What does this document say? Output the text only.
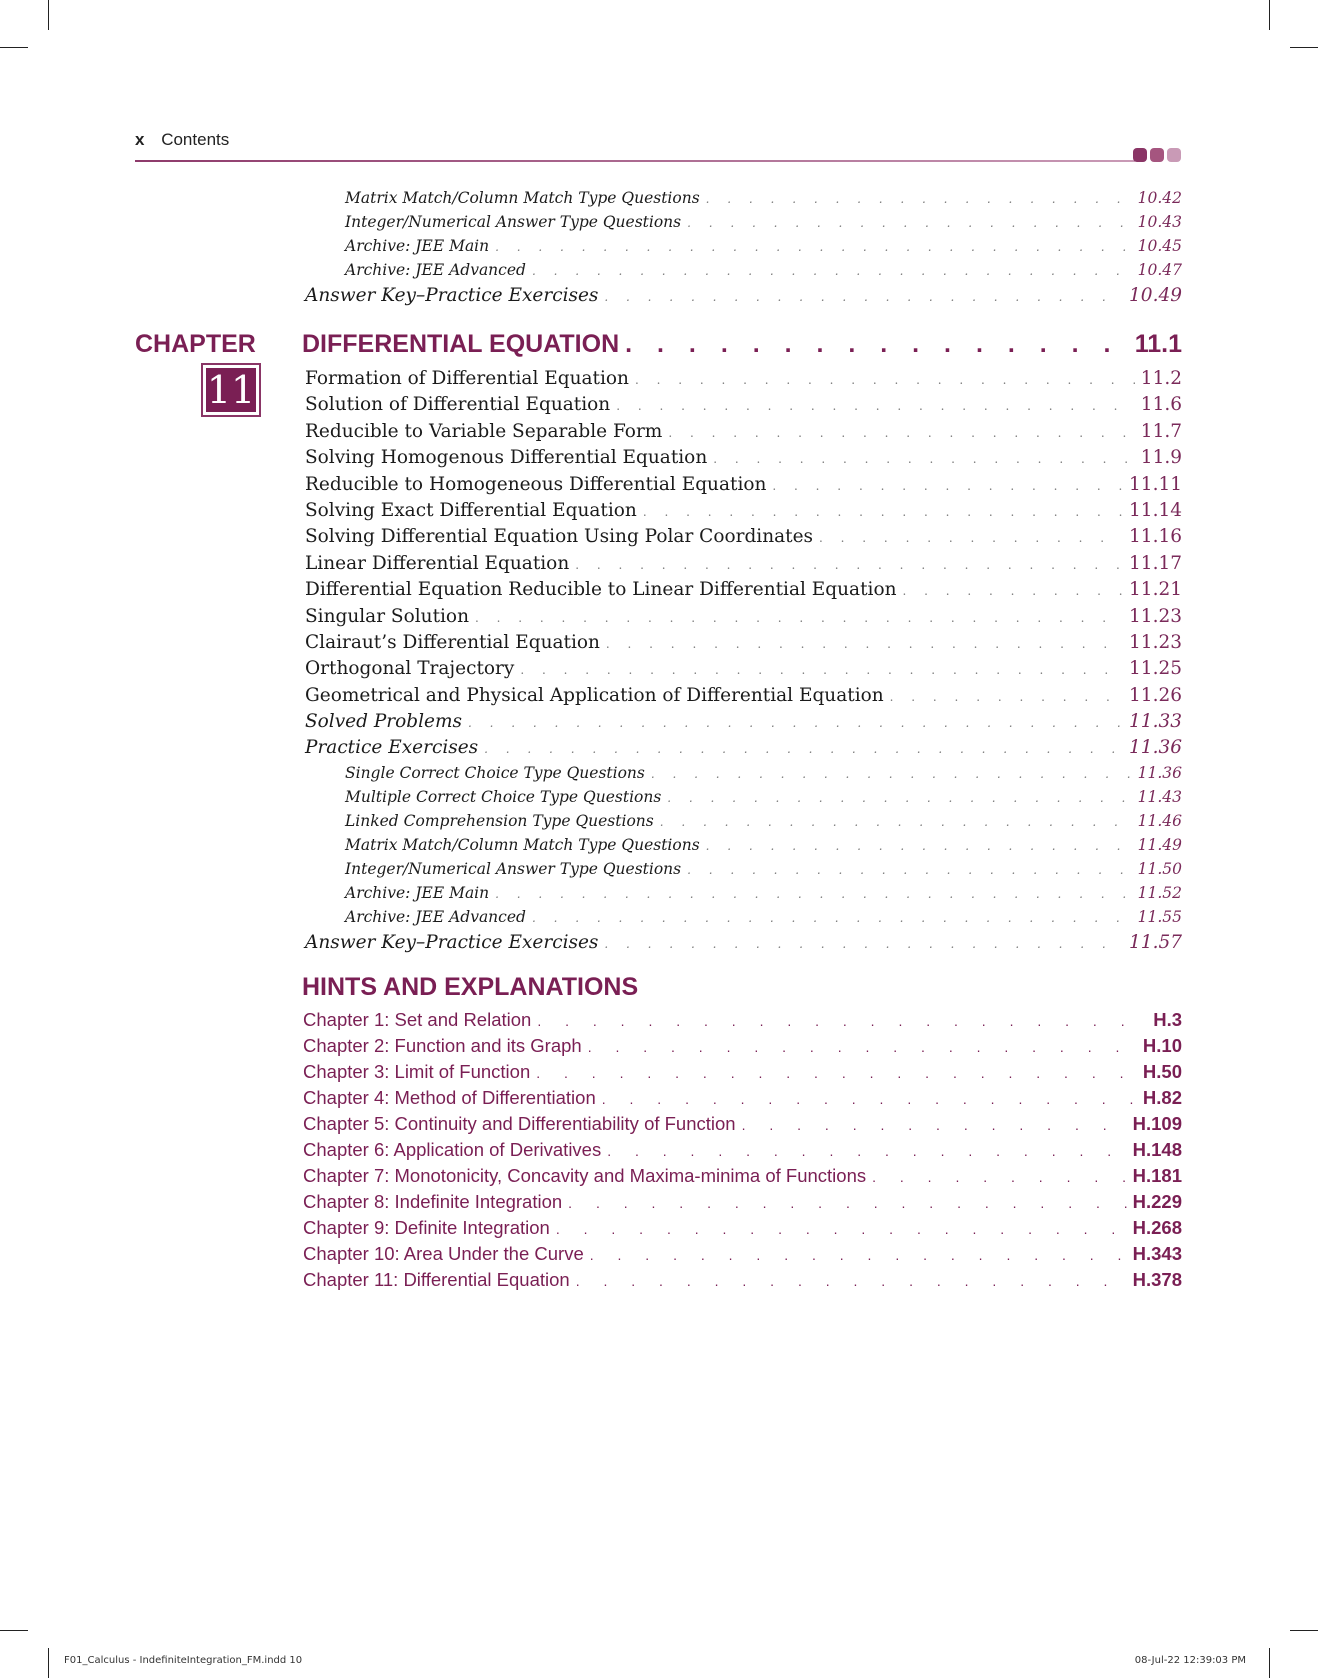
x Contents
Matrix Match/Column Match Type Questions . . .	10.42
Integer/Numerical Answer Type Questions . . .	10.43
Archive: JEE Main . . .	10.45
Archive: JEE Advanced . . .	10.47
Answer Key–Practice Exercises . . .	10.49
CHAPTER
11
DIFFERENTIAL EQUATION . . .	11.1
Formation of Differential Equation . . .	11.2
Solution of Differential Equation . . .	11.6
Reducible to Variable Separable Form . . .	11.7
Solving Homogenous Differential Equation . . .	11.9
Reducible to Homogeneous Differential Equation . . .	11.11
Solving Exact Differential Equation . . .	11.14
Solving Differential Equation Using Polar Coordinates . . .	11.16
Linear Differential Equation . . .	11.17
Differential Equation Reducible to Linear Differential Equation . . .	11.21
Singular Solution . . .	11.23
Clairaut’s Differential Equation . . .	11.23
Orthogonal Trajectory . . .	11.25
Geometrical and Physical Application of Differential Equation . . .	11.26
Solved Problems . . .	11.33
Practice Exercises . . .	11.36
Single Correct Choice Type Questions . . .	11.36
Multiple Correct Choice Type Questions . . .	11.43
Linked Comprehension Type Questions . . .	11.46
Matrix Match/Column Match Type Questions . . .	11.49
Integer/Numerical Answer Type Questions . . .	11.50
Archive: JEE Main . . .	11.52
Archive: JEE Advanced . . .	11.55
Answer Key–Practice Exercises . . .	11.57
HINTS AND EXPLANATIONS
Chapter 1: Set and Relation . . .	H.3
Chapter 2: Function and its Graph . . .	H.10
Chapter 3: Limit of Function . . .	H.50
Chapter 4: Method of Differentiation . . .	H.82
Chapter 5: Continuity and Differentiability of Function . . .	H.109
Chapter 6: Application of Derivatives . . .	H.148
Chapter 7: Monotonicity, Concavity and Maxima-minima of Functions . . .	H.181
Chapter 8: Indefinite Integration . . .	H.229
Chapter 9: Definite Integration . . .	H.268
Chapter 10: Area Under the Curve . . .	H.343
Chapter 11: Differential Equation . . .	H.378
F01_Calculus - IndefiniteIntegration_FM.indd 10	08-Jul-22 12:39:03 PM
